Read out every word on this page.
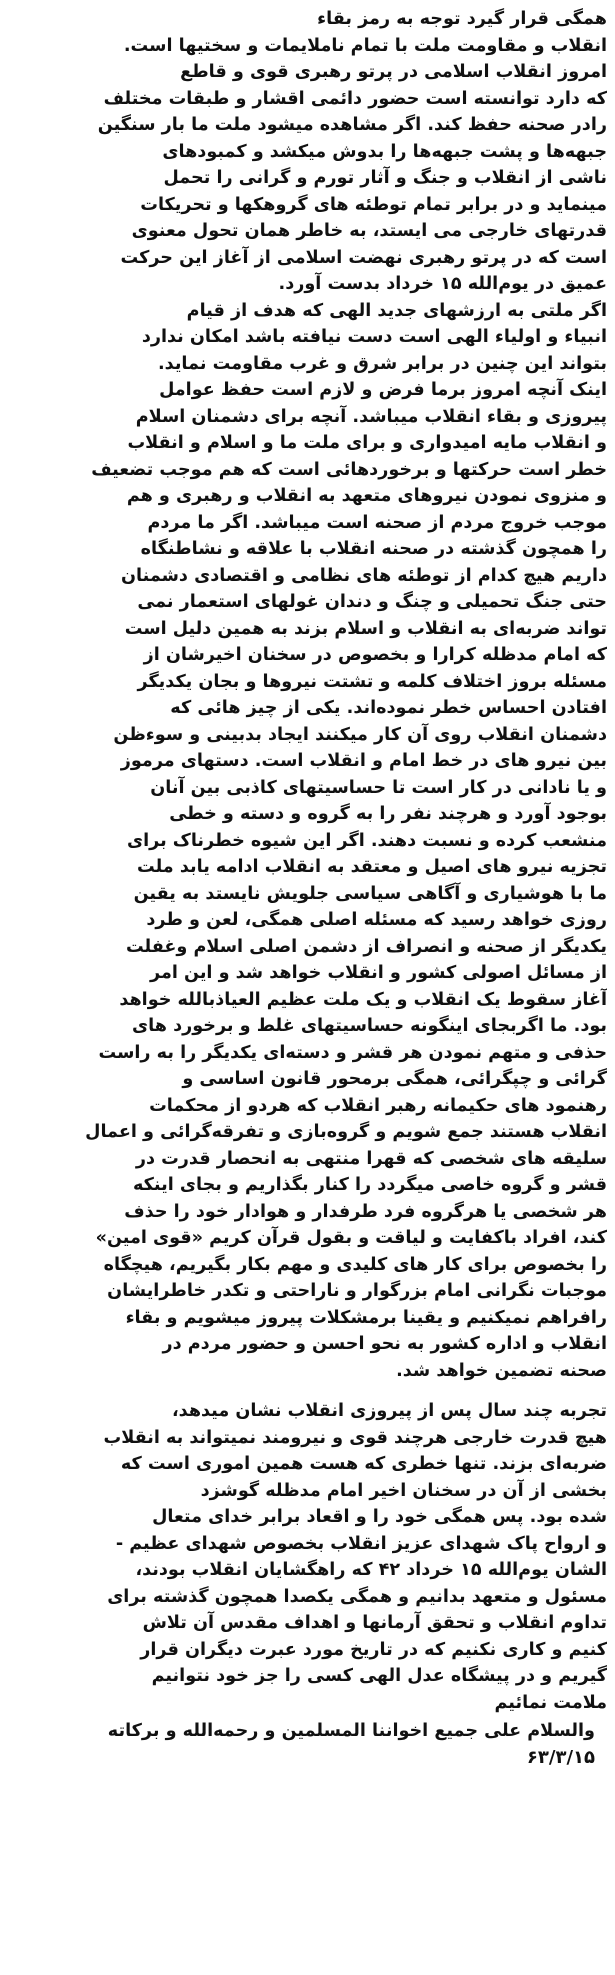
همگی قرار گیرد توجه به رمز بقاء
انقلاب و مقاومت ملت با تمام ناملایمات و سختیها است.
امروز انقلاب اسلامی در پرتو رهبری قوی و قاطع
که دارد توانسته است حضور دائمی اقشار و طبقات مختلف
رادر صحنه حفظ کند. اگر مشاهده میشود ملت ما بار سنگین
جبهه‌ها و پشت جبهه‌ها را بدوش میکشد و کمبودهای
ناشی از انقلاب و جنگ و آثار تورم و گرانی را تحمل
مینماید و در برابر تمام توطئه های گروهکها و تحریکات
قدرتهای خارجی می ایستد، به خاطر همان تحول معنوی
است که در پرتو رهبری نهضت اسلامی از آغاز این حرکت
عمیق در یوم‌الله ۱۵ خرداد بدست آورد.
اگر ملتی به ارزشهای جدید الهی که هدف از قیام
انبیاء و اولیاء الهی است دست نیافته باشد امکان ندارد
بتواند این چنین در برابر شرق و غرب مقاومت نماید.
اینک آنچه امروز برما فرض و لازم است حفظ عوامل
پیروزی و بقاء انقلاب میباشد. آنچه برای دشمنان اسلام
و انقلاب مایه امیدواری و برای ملت ما و اسلام و انقلاب
خطر است حرکتها و برخوردهائی است که هم موجب تضعیف
و منزوی نمودن نیروهای متعهد به انقلاب و رهبری و هم
موجب خروج مردم از صحنه است میباشد. اگر ما مردم
را همچون گذشته در صحنه انقلاب با علاقه و نشاطنگاه
داریم هیچ کدام از توطئه های نظامی و اقتصادی دشمنان
حتی جنگ تحمیلی و چنگ و دندان غولهای استعمار نمی
تواند ضربه‌ای به انقلاب و اسلام بزند به همین دلیل است
که امام مدظله کرارا و بخصوص در سخنان اخیرشان از
مسئله بروز اختلاف کلمه و تشتت نیروها و بجان یکدیگر
افتادن احساس خطر نموده‌اند. یکی از چیز هائی که
دشمنان انقلاب روی آن کار میکنند ایجاد بدبینی و سوءظن
بین نیرو های در خط امام و انقلاب است. دستهای مرموز
و یا نادانی در کار است تا حساسیتهای کاذبی بین آنان
بوجود آورد و هرچند نفر را به گروه و دسته و خطی
منشعب کرده و نسبت دهند. اگر این شیوه خطرناک برای
تجزیه نیرو های اصیل و معتقد به انقلاب ادامه یابد ملت
ما با هوشیاری و آگاهی سیاسی جلویش نایستد به یقین
روزی خواهد رسید که مسئله اصلی همگی، لعن و طرد
یکدیگر از صحنه و انصراف از دشمن اصلی اسلام وغفلت
از مسائل اصولی کشور و انقلاب خواهد شد و این امر
آغاز سقوط یک انقلاب و یک ملت عظیم العیاذبالله خواهد
بود. ما اگربجای اینگونه حساسیتهای غلط و برخورد های
حذفی و متهم نمودن هر قشر و دسته‌ای یکدیگر را به راست
گرائی و چپگرائی، همگی برمحور قانون اساسی و
رهنمود های حکیمانه رهبر انقلاب که هردو از محکمات
انقلاب هستند جمع شویم و گروه‌بازی و تفرقه‌گرائی و اعمال
سلیقه های شخصی که قهرا منتهی به انحصار قدرت در
قشر و گروه خاصی میگردد را کنار بگذاریم و بجای اینکه
هر شخصی یا هرگروه فرد طرفدار و هوادار خود را حذف
کند، افراد باکفایت و لیاقت و بقول قرآن کریم «قوی امین»
را بخصوص برای کار های کلیدی و مهم بکار بگیریم، هیچگاه
موجبات نگرانی امام بزرگوار و ناراحتی و تکدر خاطرایشان
رافراهم نمیکنیم و یقینا برمشکلات پیروز میشویم و بقاء
انقلاب و اداره کشور به نحو احسن و حضور مردم در
صحنه تضمین خواهد شد.
تجربه چند سال پس از پیروزی انقلاب نشان میدهد،
هیچ قدرت خارجی هرچند قوی و نیرومند نمیتواند به انقلاب
ضربه‌ای بزند. تنها خطری که هست همین اموری است که
بخشی از آن در سخنان اخیر امام مدظله گوشزد
شده بود. پس همگی خود را و اقعاد برابر خدای متعال
و ارواح پاک شهدای عزیز انقلاب بخصوص شهدای عظیم -
الشان یوم‌الله ۱۵ خرداد ۴۲ که راهگشایان انقلاب بودند،
مسئول و متعهد بدانیم و همگی یکصدا همچون گذشته برای
تداوم انقلاب و تحقق آرمانها و اهداف مقدس آن تلاش
کنیم و کاری نکنیم که در تاریخ مورد عبرت دیگران قرار
گیریم و در پیشگاه عدل الهی کسی را جز خود نتوانیم
ملامت نمائیم
والسلام علی جمیع اخواننا المسلمین و رحمه‌الله و برکاته
۶۳/۳/۱۵
